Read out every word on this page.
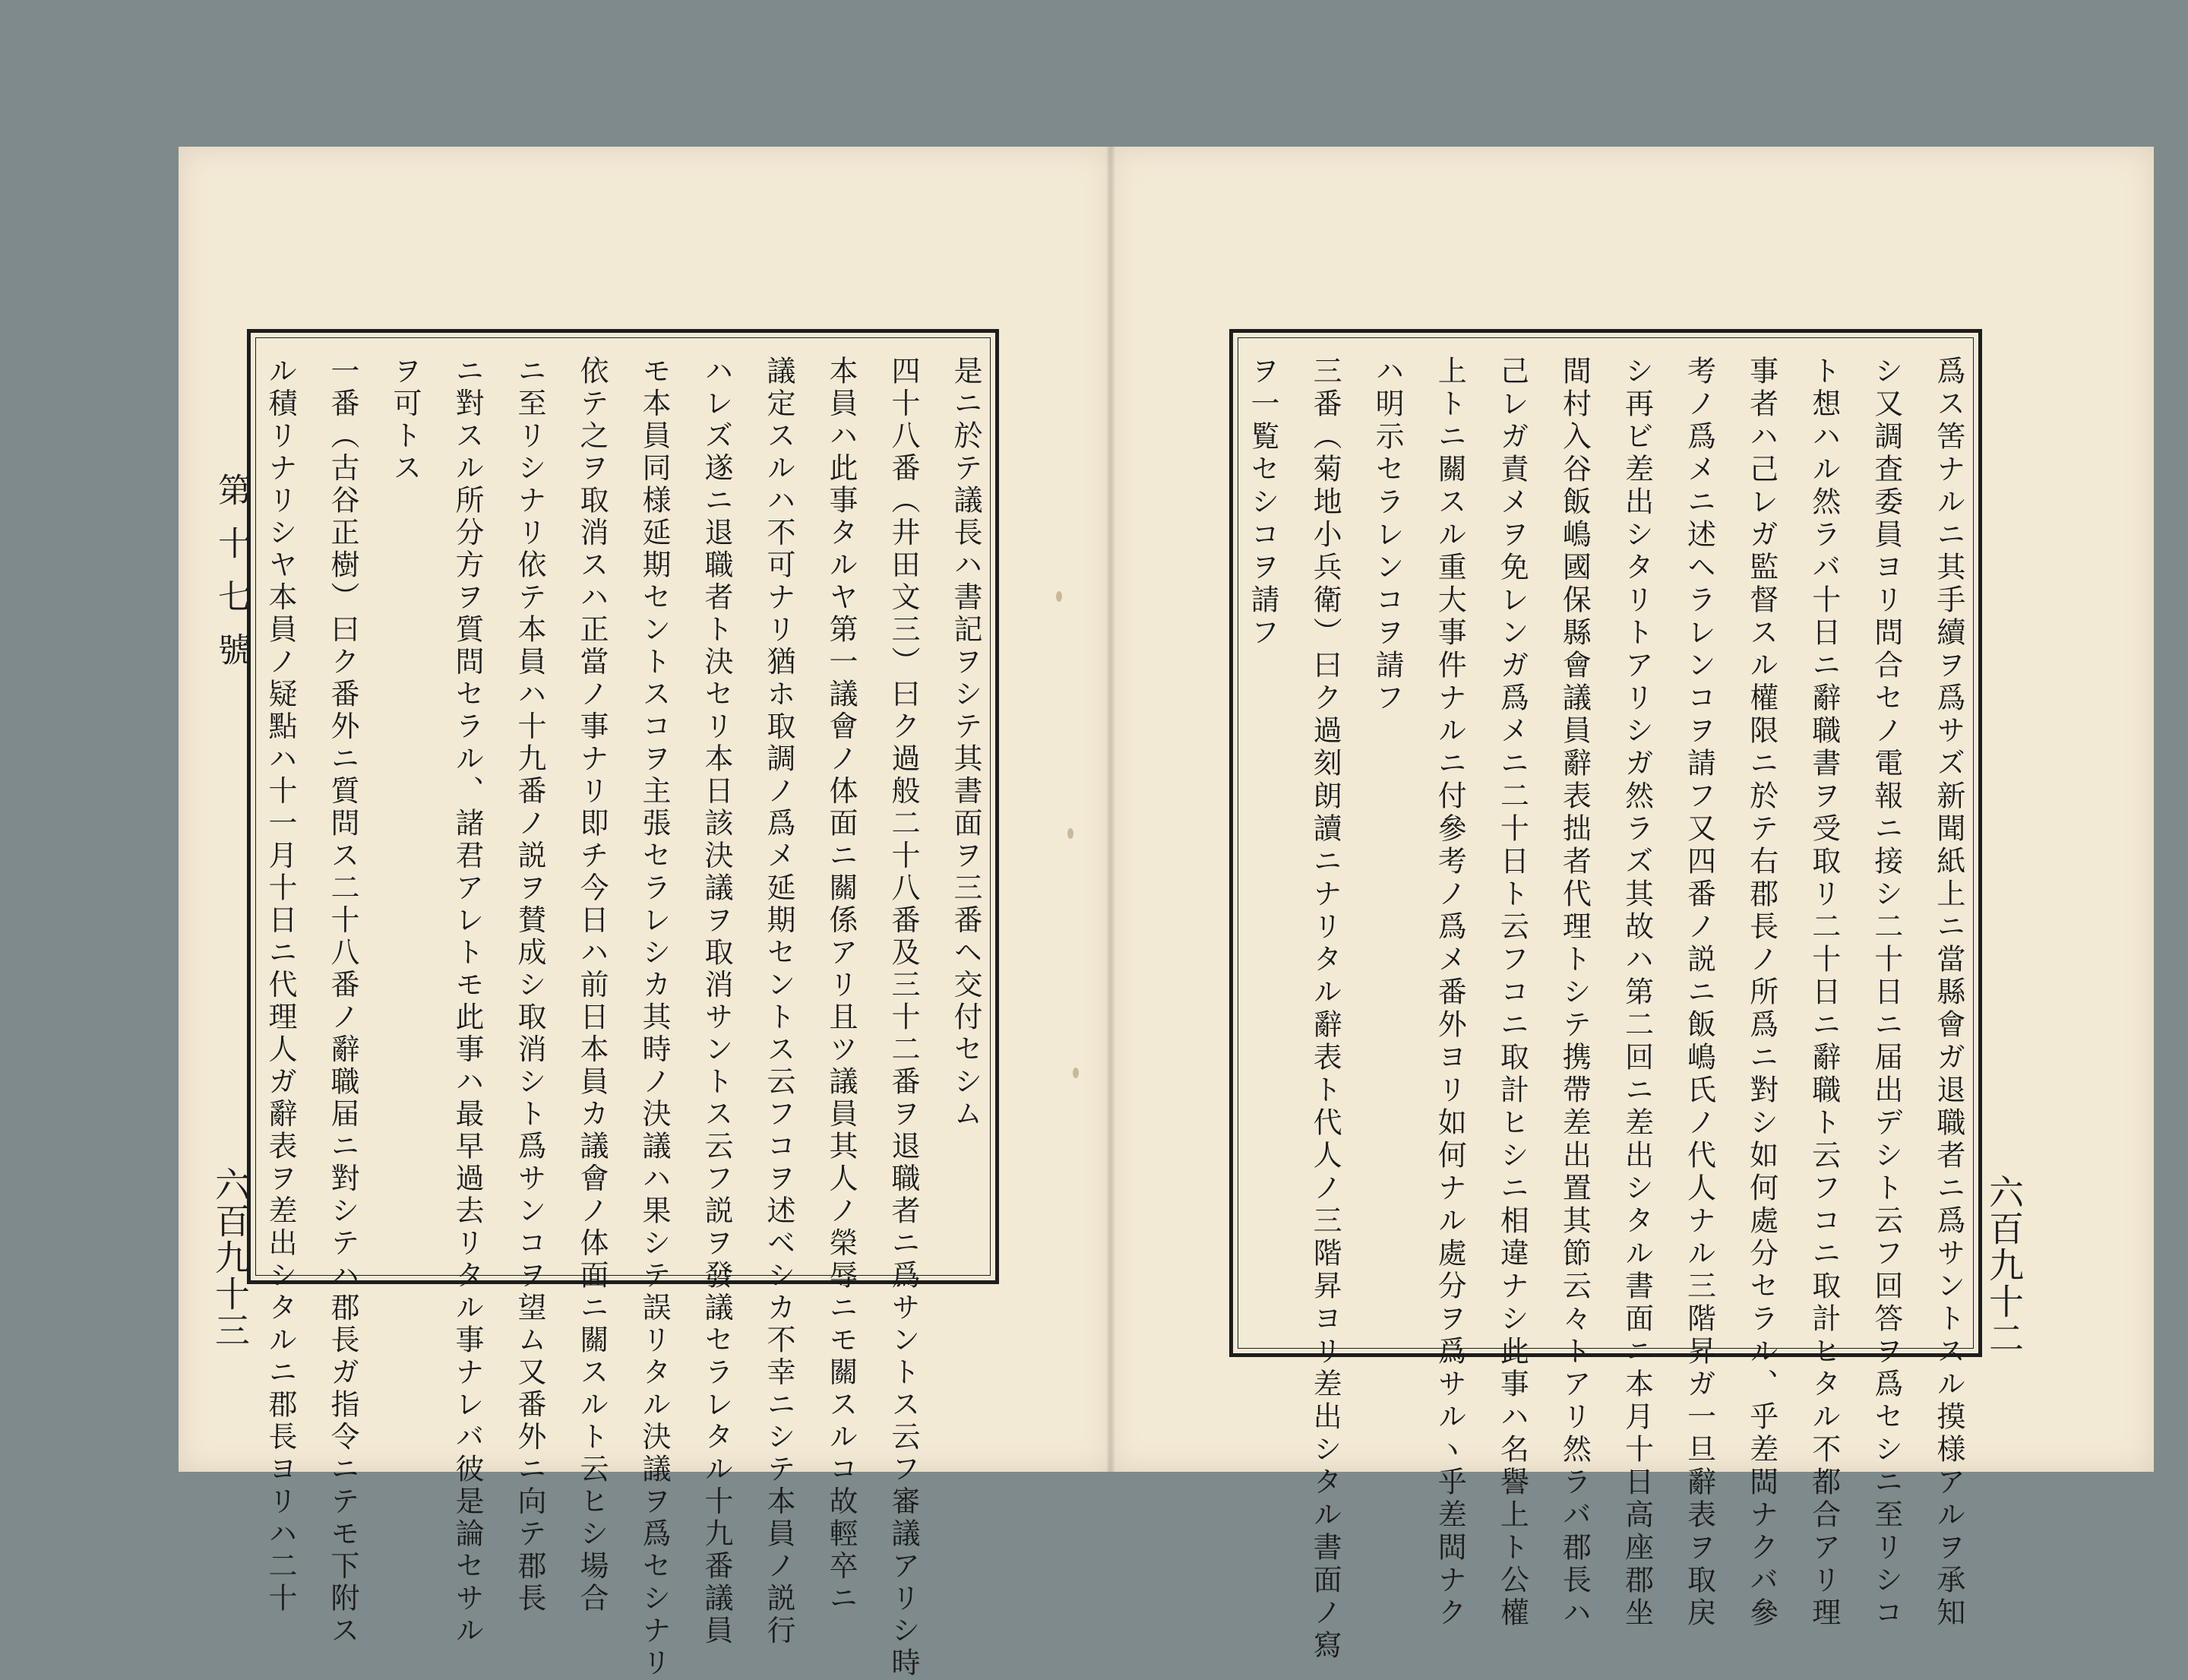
第十七號
六百九十三	六百九十二
是ニ於テ議長ハ書記ヲシテ其書面ヲ三番ヘ交付セシム
四十八番（井田文三）曰ク過般二十八番及三十二番ヲ退職者ニ爲サントス云フ審議アリシ時
本員ハ此事タルヤ第一議會ノ体面ニ關係アリ且ツ議員其人ノ榮辱ニモ關スルコ故輕卒ニ
議定スルハ不可ナリ猶ホ取調ノ爲メ延期セントス云フコヲ述ベシカ不幸ニシテ本員ノ説行
ハレズ遂ニ退職者ト決セリ本日該決議ヲ取消サントス云フ説ヲ發議セラレタル十九番議員
モ本員同様延期セントスコヲ主張セラレシカ其時ノ決議ハ果シテ誤リタル決議ヲ爲セシナリ
依テ之ヲ取消スハ正當ノ事ナリ即チ今日ハ前日本員カ議會ノ体面ニ關スルト云ヒシ場合
ニ至リシナリ依テ本員ハ十九番ノ説ヲ賛成シ取消シト爲サンコヲ望ム又番外ニ向テ郡長
ニ對スル所分方ヲ質問セラル、諸君アレトモ此事ハ最早過去リタル事ナレバ彼是論セサル
ヲ可トス
一番（古谷正樹）曰ク番外ニ質問ス二十八番ノ辭職届ニ對シテハ郡長ガ指令ニテモ下附ス
ル積リナリシヤ本員ノ疑點ハ十一月十日ニ代理人ガ辭表ヲ差出シタルニ郡長ヨリハ二十	爲ス筈ナルニ其手續ヲ爲サズ新聞紙上ニ當縣會ガ退職者ニ爲サントスル摸様アルヲ承知
シ又調査委員ヨリ問合セノ電報ニ接シ二十日ニ届出デシト云フ回答ヲ爲セシニ至リシコ
ト想ハル然ラバ十日ニ辭職書ヲ受取リ二十日ニ辭職ト云フコニ取計ヒタル不都合アリ理
事者ハ己レガ監督スル權限ニ於テ右郡長ノ所爲ニ對シ如何處分セラル、乎差閊ナクバ參
考ノ爲メニ述ヘラレンコヲ請フ又四番ノ説ニ飯嶋氏ノ代人ナル三階昇ガ一旦辭表ヲ取戻
シ再ビ差出シタリトアリシガ然ラズ其故ハ第二回ニ差出シタル書面ニ本月十日高座郡坐
間村入谷飯嶋國保縣會議員辭表拙者代理トシテ携帶差出置其節云々トアリ然ラバ郡長ハ
己レガ責メヲ免レンガ爲メニ二十日ト云フコニ取計ヒシニ相違ナシ此事ハ名譽上ト公權
上トニ關スル重大事件ナルニ付參考ノ爲メ番外ヨリ如何ナル處分ヲ爲サルヽ乎差閊ナク
ハ明示セラレンコヲ請フ
三番（菊地小兵衛）曰ク過刻朗讀ニナリタル辭表ト代人ノ三階昇ヨリ差出シタル書面ノ寫
ヲ一覧セシコヲ請フ
